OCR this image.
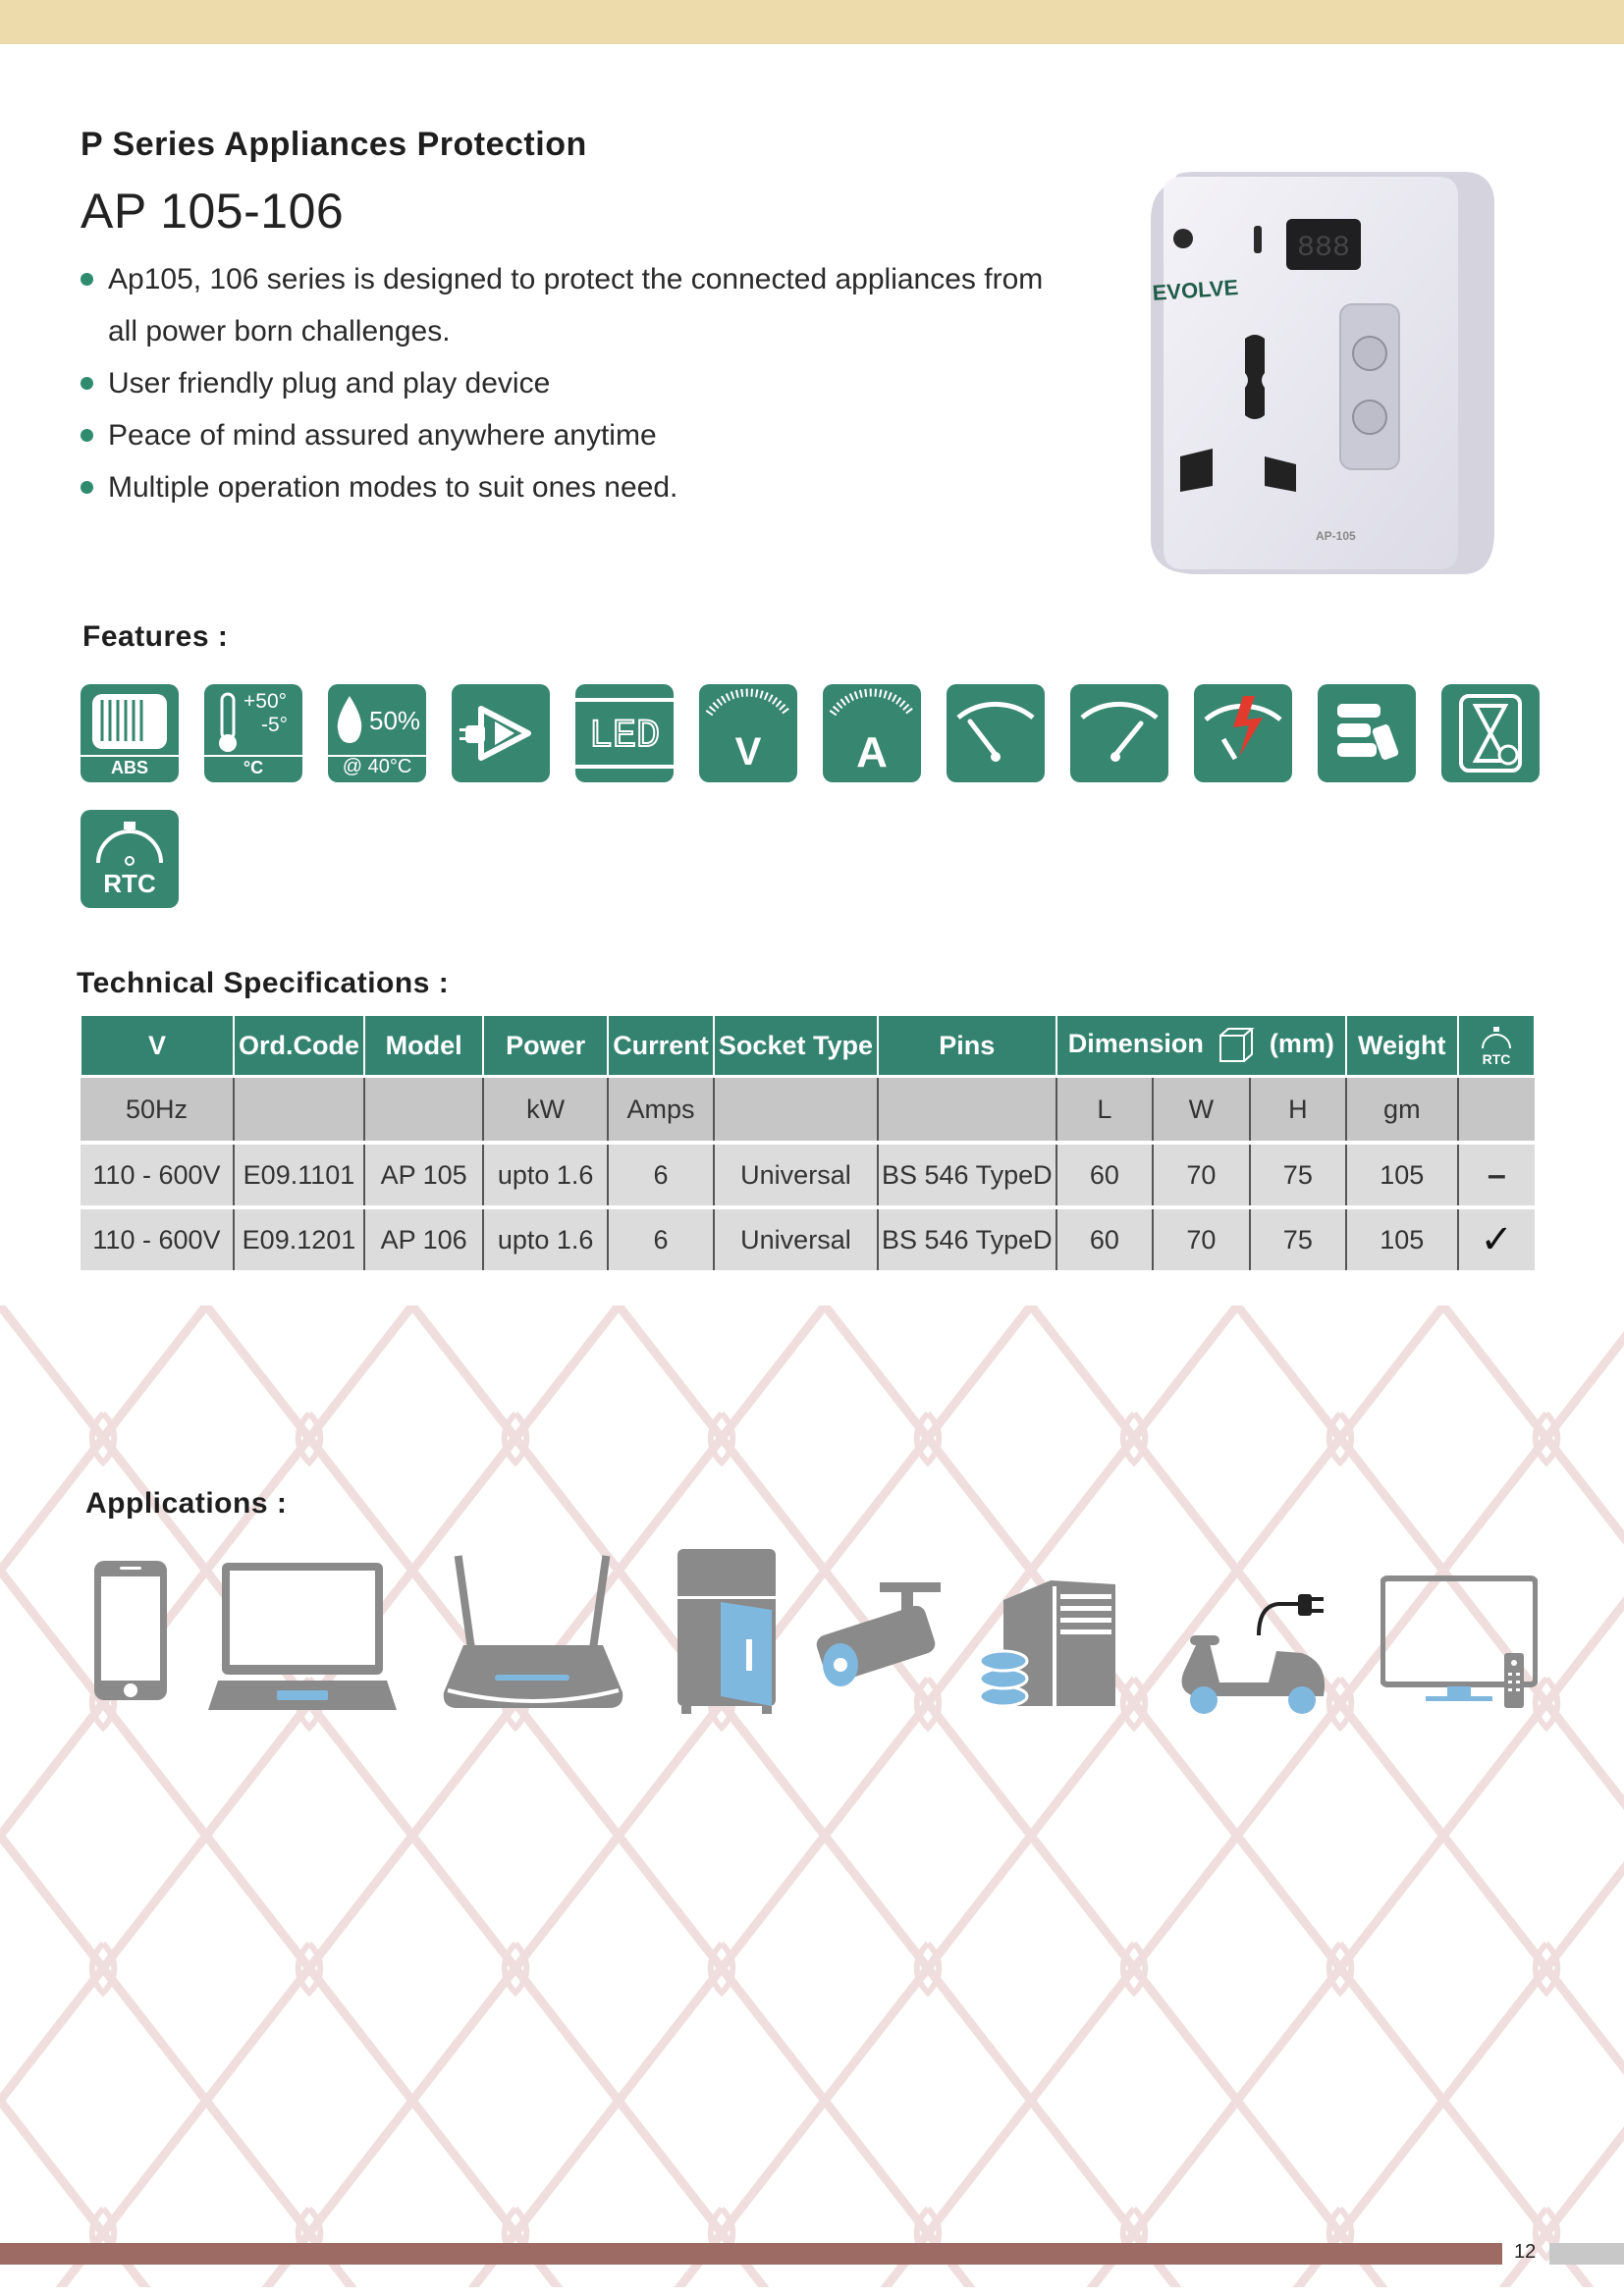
P Series Appliances Protection
AP 105-106
Ap105, 106 series is designed to protect the connected appliances from all power born challenges.
User friendly plug and play device
Peace of mind assured anywhere anytime
Multiple operation modes to suit ones need.
888
EVOLVE
AP-105
Features :
ABS
+50°
-5°
°C
50%
@ 40°C
LED V A
RTC
Technical Specifications :
V	Ord.Code	Model	Power	Current	Socket Type	Pins	Dimension (mm)			Weight	RTC

50Hz			kW	Amps			L	W	H	gm	
110 - 600V	E09.1101	AP 105	upto 1.6	6	Universal	BS 546 TypeD	60	70	75	105	–
110 - 600V	E09.1201	AP 106	upto 1.6	6	Universal	BS 546 TypeD	60	70	75	105	✓
Applications :
12
